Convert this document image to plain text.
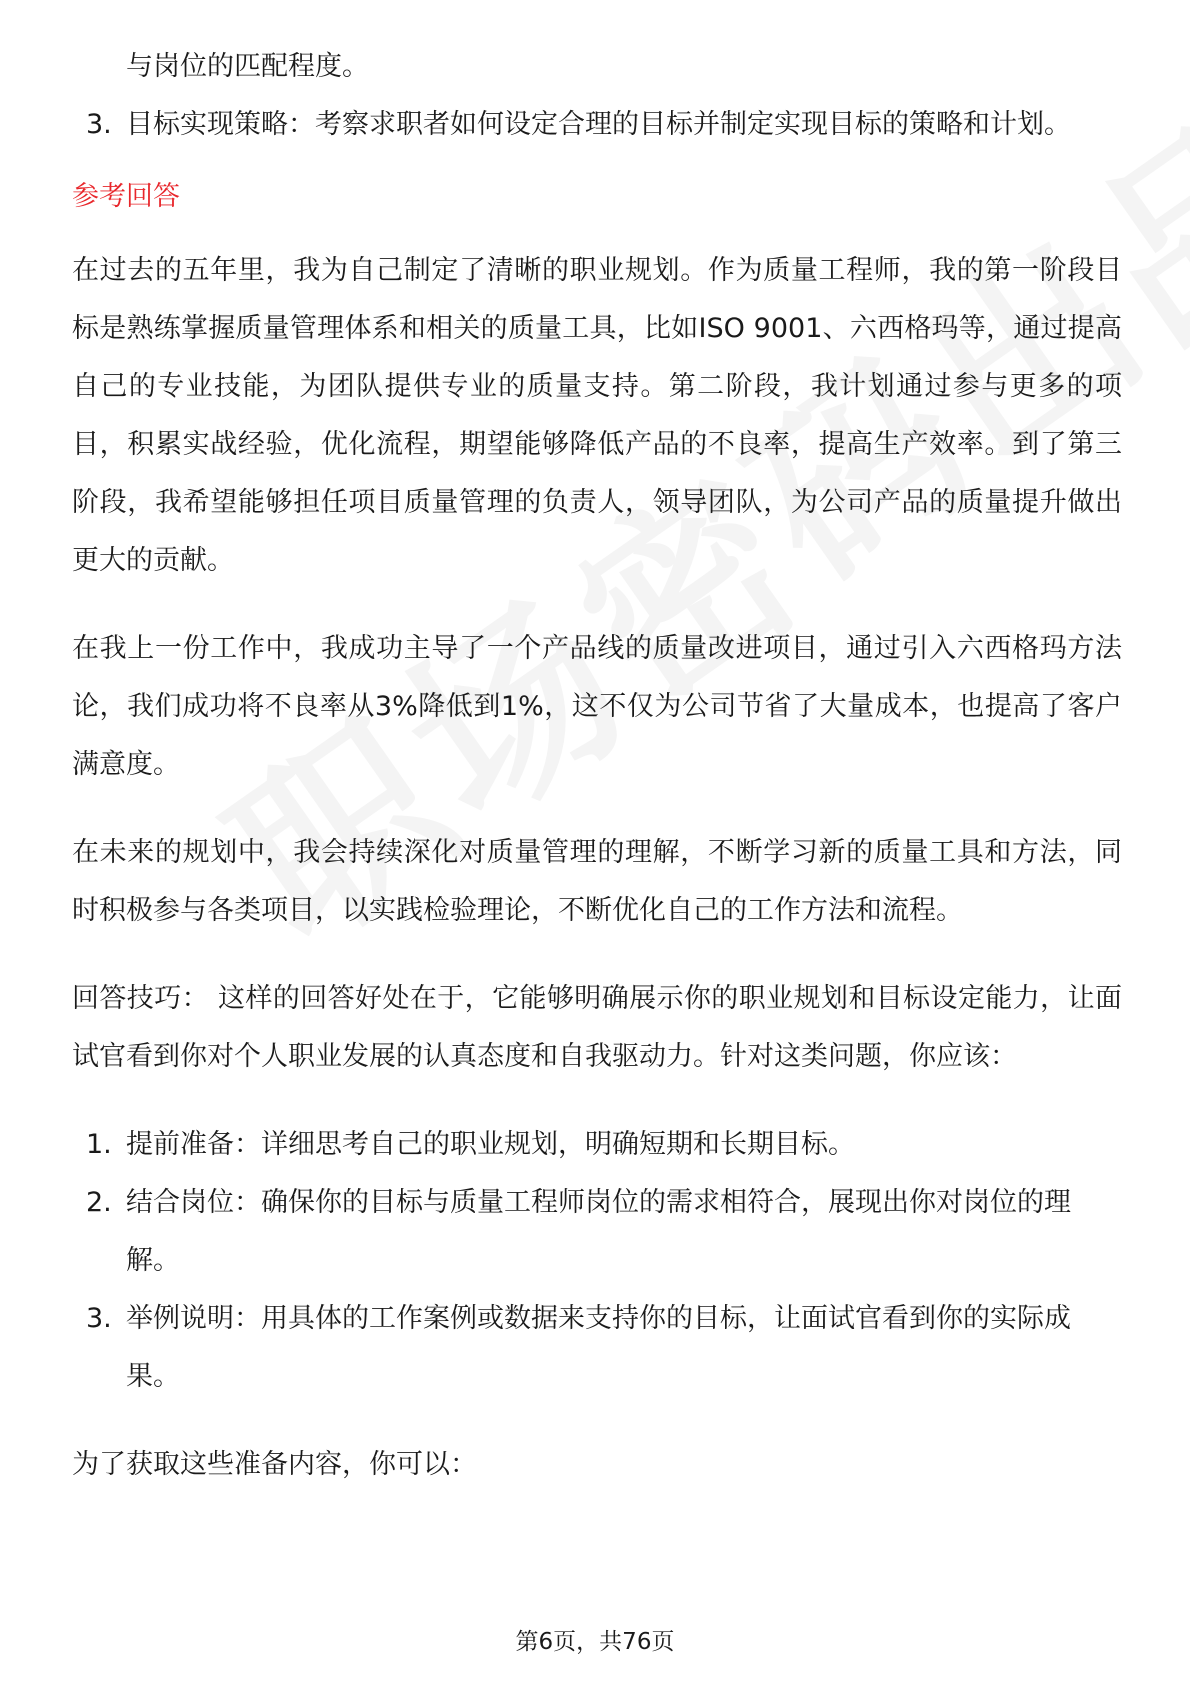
与岗位的匹配程度。

3. 目标实现策略：考察求职者如何设定合理的目标并制定实现目标的策略和计划。
参考回答

在过去的五年里，我为自己制定了清晰的职业规划。作为质量工程师，我的第一阶段目标是熟练掌握质量管理体系和相关的质量工具，比如ISO 9001、六西格玛等，通过提高自己的专业技能，为团队提供专业的质量支持。第二阶段，我计划通过参与更多的项目，积累实战经验，优化流程，期望能够降低产品的不良率，提高生产效率。到了第三阶段，我希望能够担任项目质量管理的负责人，领导团队，为公司产品的质量提升做出更大的贡献。

在我上一份工作中，我成功主导了一个产品线的质量改进项目，通过引入六西格玛方法论，我们成功将不良率从3%降低到1%，这不仅为公司节省了大量成本，也提高了客户满意度。

在未来的规划中，我会持续深化对质量管理的理解，不断学习新的质量工具和方法，同时积极参与各类项目，以实践检验理论，不断优化自己的工作方法和流程。

回答技巧： 这样的回答好处在于，它能够明确展示你的职业规划和目标设定能力，让面试官看到你对个人职业发展的认真态度和自我驱动力。针对这类问题，你应该：

1. 提前准备：详细思考自己的职业规划，明确短期和长期目标。
2. 结合岗位：确保你的目标与质量工程师岗位的需求相符合，展现出你对岗位的理解。
3. 举例说明：用具体的工作案例或数据来支持你的目标，让面试官看到你的实际成果。

为了获取这些准备内容，你可以：

第6页，共76页
